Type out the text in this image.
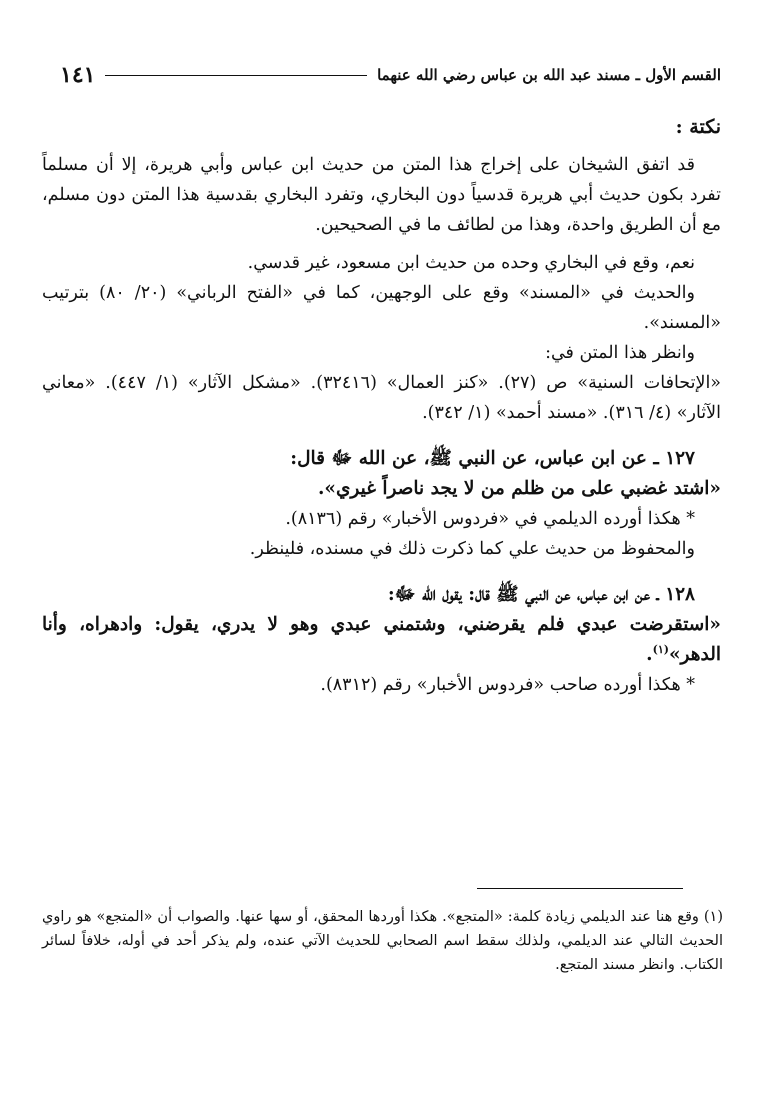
القسم الأول ـ مسند عبد الله بن عباس رضي الله عنهما
١٤١

نكتة :

قد اتفق الشيخان على إخراج هذا المتن من حديث ابن عباس وأبي هريرة، إلا أن مسلماً تفرد بكون حديث أبي هريرة قدسياً دون البخاري، وتفرد البخاري بقدسية هذا المتن دون مسلم، مع أن الطريق واحدة، وهذا من لطائف ما في الصحيحين.

نعم، وقع في البخاري وحده من حديث ابن مسعود، غير قدسي.

والحديث في «المسند» وقع على الوجهين، كما في «الفتح الرباني» (٢٠/ ٨٠) بترتيب «المسند».

وانظر هذا المتن في:

«الإتحافات السنية» ص (٢٧). «كنز العمال» (٣٢٤١٦). «مشكل الآثار» (١/ ٤٤٧). «معاني الآثار» (٤/ ٣١٦). «مسند أحمد» (١/ ٣٤٢).

١٢٧ ـ عن ابن عباس، عن النبي ﷺ، عن الله ﷻ قال:

«اشتد غضبي على من ظلم من لا يجد ناصراً غيري».

* هكذا أورده الديلمي في «فردوس الأخبار» رقم (٨١٣٦).

والمحفوظ من حديث علي كما ذكرت ذلك في مسنده، فلينظر.

١٢٨ ـ عن ابن عباس، عن النبي ﷺ قال: يقول الله ﷻ:

«استقرضت عبدي فلم يقرضني، وشتمني عبدي وهو لا يدري، يقول: وادهراه، وأنا الدهر»$^{(١)}$.

* هكذا أورده صاحب «فردوس الأخبار» رقم (٨٣١٢).

(١) وقع هنا عند الديلمي زيادة كلمة: «المتجع». هكذا أوردها المحقق، أو سها عنها. والصواب أن «المتجع» هو راوي الحديث التالي عند الديلمي، ولذلك سقط اسم الصحابي للحديث الآتي عنده، ولم يذكر أحد في أوله، خلافاً لسائر الكتاب. وانظر مسند المتجع.
